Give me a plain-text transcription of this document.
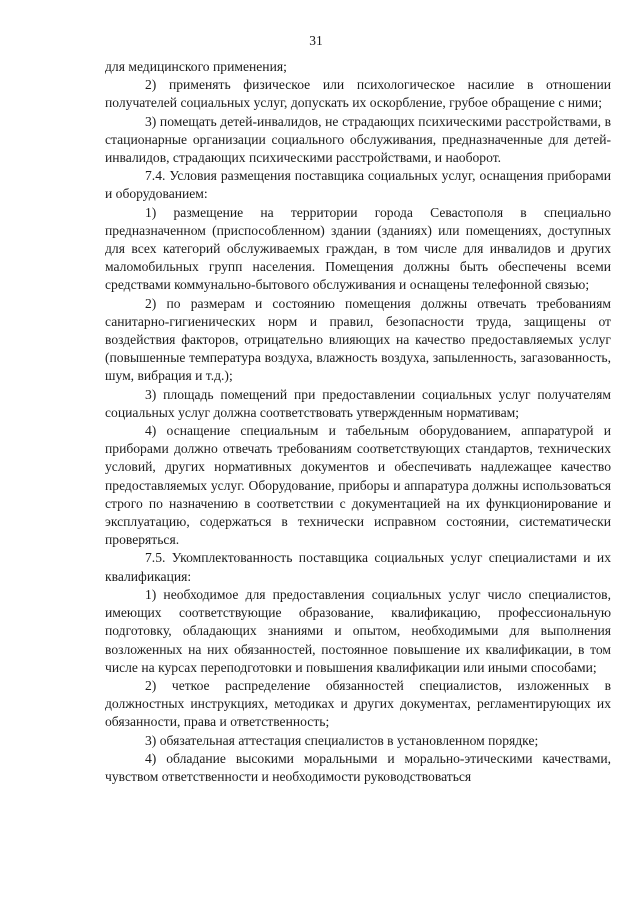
31

для медицинского применения;

2) применять физическое или психологическое насилие в отношении получателей социальных услуг, допускать их оскорбление, грубое обращение с ними;

3) помещать детей-инвалидов, не страдающих психическими расстройствами, в стационарные организации социального обслуживания, предназначенные для детей-инвалидов, страдающих психическими расстройствами, и наоборот.

7.4. Условия размещения поставщика социальных услуг, оснащения приборами и оборудованием:

1) размещение на территории города Севастополя в специально предназначенном (приспособленном) здании (зданиях) или помещениях, доступных для всех категорий обслуживаемых граждан, в том числе для инвалидов и других маломобильных групп населения. Помещения должны быть обеспечены всеми средствами коммунально-бытового обслуживания и оснащены телефонной связью;

2) по размерам и состоянию помещения должны отвечать требованиям санитарно-гигиенических норм и правил, безопасности труда, защищены от воздействия факторов, отрицательно влияющих на качество предоставляемых услуг (повышенные температура воздуха, влажность воздуха, запыленность, загазованность, шум, вибрация и т.д.);

3) площадь помещений при предоставлении социальных услуг получателям социальных услуг должна соответствовать утвержденным нормативам;

4) оснащение специальным и табельным оборудованием, аппаратурой и приборами должно отвечать требованиям соответствующих стандартов, технических условий, других нормативных документов и обеспечивать надлежащее качество предоставляемых услуг. Оборудование, приборы и аппаратура должны использоваться строго по назначению в соответствии с документацией на их функционирование и эксплуатацию, содержаться в технически исправном состоянии, систематически проверяться.

7.5. Укомплектованность поставщика социальных услуг специалистами и их квалификация:

1) необходимое для предоставления социальных услуг число специалистов, имеющих соответствующие образование, квалификацию, профессиональную подготовку, обладающих знаниями и опытом, необходимыми для выполнения возложенных на них обязанностей, постоянное повышение их квалификации, в том числе на курсах переподготовки и повышения квалификации или иными способами;

2) четкое распределение обязанностей специалистов, изложенных в должностных инструкциях, методиках и других документах, регламентирующих их обязанности, права и ответственность;

3) обязательная аттестация специалистов в установленном порядке;

4) обладание высокими моральными и морально-этическими качествами, чувством ответственности и необходимости руководствоваться
